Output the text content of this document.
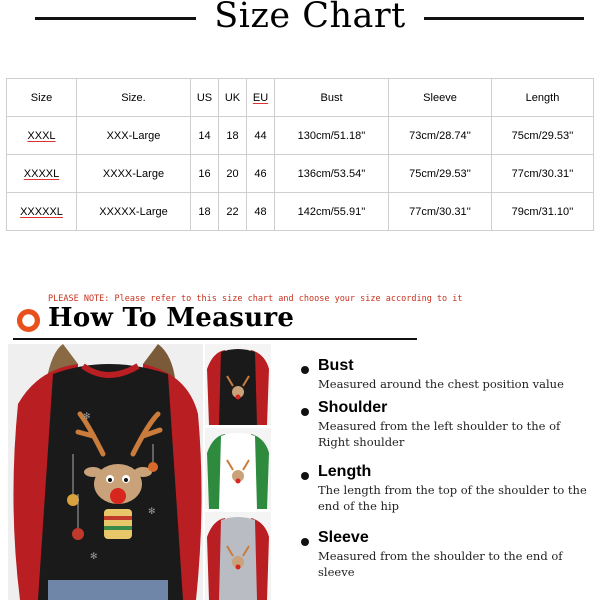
Size Chart
Size	Size.	US	UK	EU	Bust	Sleeve	Length
XXXL	XXX-Large	14	18	44	130cm/51.18''	73cm/28.74''	75cm/29.53''
XXXXL	XXXX-Large	16	20	46	136cm/53.54''	75cm/29.53''	77cm/30.31''
XXXXXL	XXXXX-Large	18	22	48	142cm/55.91''	77cm/30.31''	79cm/31.10''
PLEASE NOTE: Please refer to this size chart and choose your size according to it
How To Measure
✻
✻
✻
Bust
Measured around the chest position value
Shoulder
Measured from the left shoulder to the of Right shoulder
Length
The length from the top of the shoulder to the end of the hip
Sleeve
Measured from the shoulder to the end of sleeve
